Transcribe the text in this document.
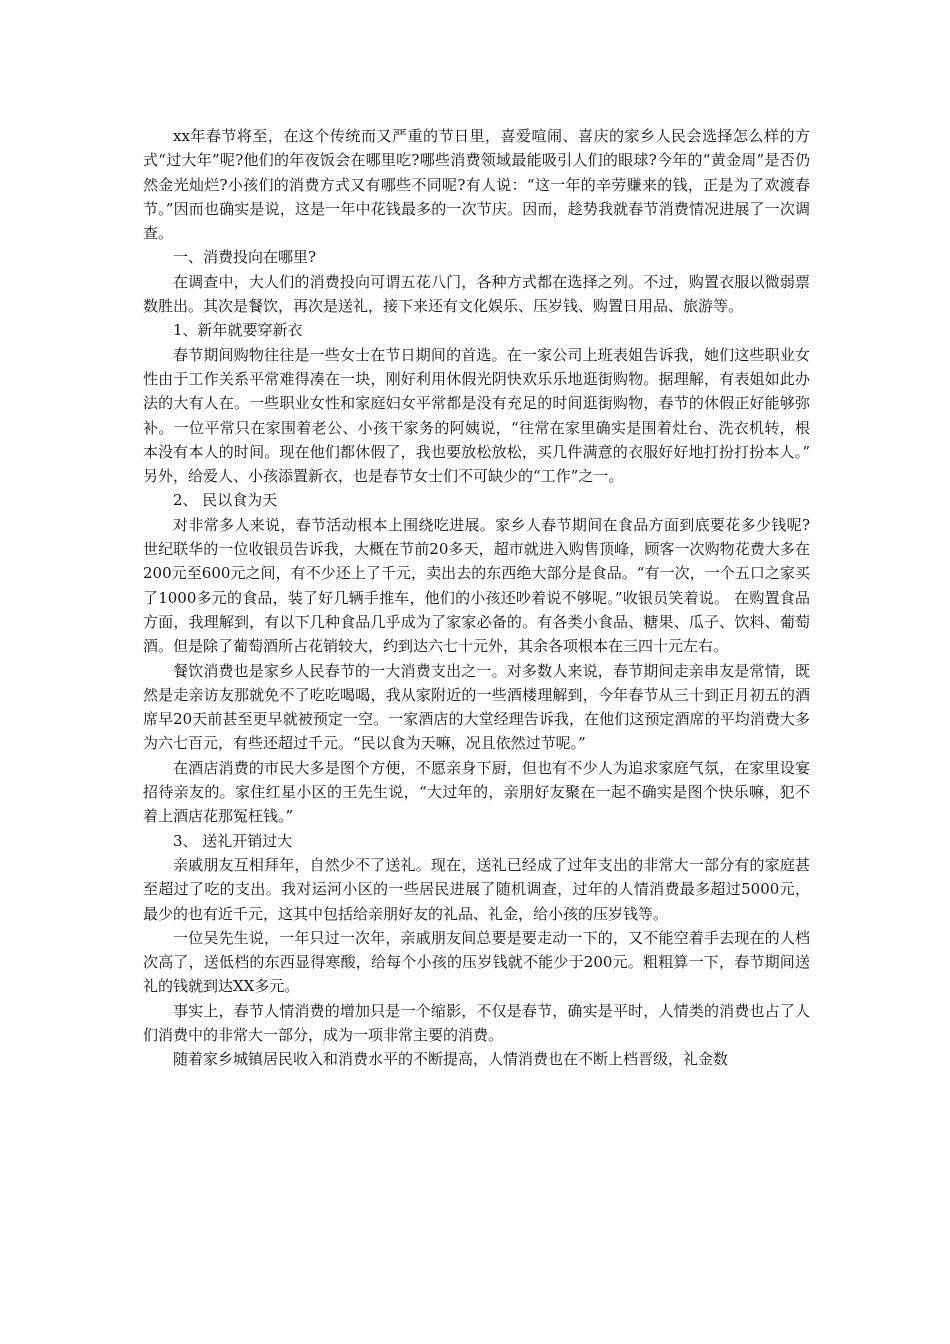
xx年春节将至，在这个传统而又严重的节日里，喜爱喧闹、喜庆的家乡人民会选择怎么样的方式“过大年”呢?他们的年夜饭会在哪里吃?哪些消费领域最能吸引人们的眼球?今年的“黄金周”是否仍然金光灿烂?小孩们的消费方式又有哪些不同呢?有人说：“这一年的辛劳赚来的钱，正是为了欢渡春节。”因而也确实是说，这是一年中花钱最多的一次节庆。因而，趁势我就春节消费情况进展了一次调查。

一、消费投向在哪里?

在调查中，大人们的消费投向可谓五花八门，各种方式都在选择之列。不过，购置衣服以微弱票数胜出。其次是餐饮，再次是送礼，接下来还有文化娱乐、压岁钱、购置日用品、旅游等。

1、新年就要穿新衣

春节期间购物往往是一些女士在节日期间的首选。在一家公司上班表姐告诉我，她们这些职业女性由于工作关系平常难得凑在一块，刚好利用休假光阴快欢乐乐地逛街购物。据理解，有表姐如此办法的大有人在。一些职业女性和家庭妇女平常都是没有充足的时间逛街购物，春节的休假正好能够弥补。一位平常只在家围着老公、小孩干家务的阿姨说，“往常在家里确实是围着灶台、洗衣机转，根本没有本人的时间。现在他们都休假了，我也要放松放松，买几件满意的衣服好好地打扮打扮本人。” 另外，给爱人、小孩添置新衣，也是春节女士们不可缺少的“工作”之一。

2、 民以食为天

对非常多人来说，春节活动根本上围绕吃进展。家乡人春节期间在食品方面到底要花多少钱呢?世纪联华的一位收银员告诉我，大概在节前20多天，超市就进入购售顶峰，顾客一次购物花费大多在200元至600元之间，有不少还上了千元，卖出去的东西绝大部分是食品。“有一次，一个五口之家买了1000多元的食品，装了好几辆手推车，他们的小孩还吵着说不够呢。”收银员笑着说。 在购置食品方面，我理解到，有以下几种食品几乎成为了家家必备的。有各类小食品、糖果、瓜子、饮料、葡萄酒。但是除了葡萄酒所占花销较大，约到达六七十元外，其余各项根本在三四十元左右。

餐饮消费也是家乡人民春节的一大消费支出之一。对多数人来说，春节期间走亲串友是常情，既然是走亲访友那就免不了吃吃喝喝，我从家附近的一些酒楼理解到，今年春节从三十到正月初五的酒席早20天前甚至更早就被预定一空。一家酒店的大堂经理告诉我，在他们这预定酒席的平均消费大多为六七百元，有些还超过千元。“民以食为天嘛，况且依然过节呢。”

在酒店消费的市民大多是图个方便，不愿亲身下厨，但也有不少人为追求家庭气氛，在家里设宴招待亲友的。家住红星小区的王先生说，“大过年的，亲朋好友聚在一起不确实是图个快乐嘛，犯不着上酒店花那冤枉钱。”

3、 送礼开销过大

亲戚朋友互相拜年，自然少不了送礼。现在，送礼已经成了过年支出的非常大一部分有的家庭甚至超过了吃的支出。我对运河小区的一些居民进展了随机调查，过年的人情消费最多超过5000元，最少的也有近千元，这其中包括给亲朋好友的礼品、礼金，给小孩的压岁钱等。

一位吴先生说，一年只过一次年，亲戚朋友间总要是要走动一下的，又不能空着手去现在的人档次高了，送低档的东西显得寒酸，给每个小孩的压岁钱就不能少于200元。粗粗算一下，春节期间送礼的钱就到达XX多元。

事实上，春节人情消费的增加只是一个缩影，不仅是春节，确实是平时，人情类的消费也占了人们消费中的非常大一部分，成为一项非常主要的消费。

随着家乡城镇居民收入和消费水平的不断提高，人情消费也在不断上档晋级，礼金数
